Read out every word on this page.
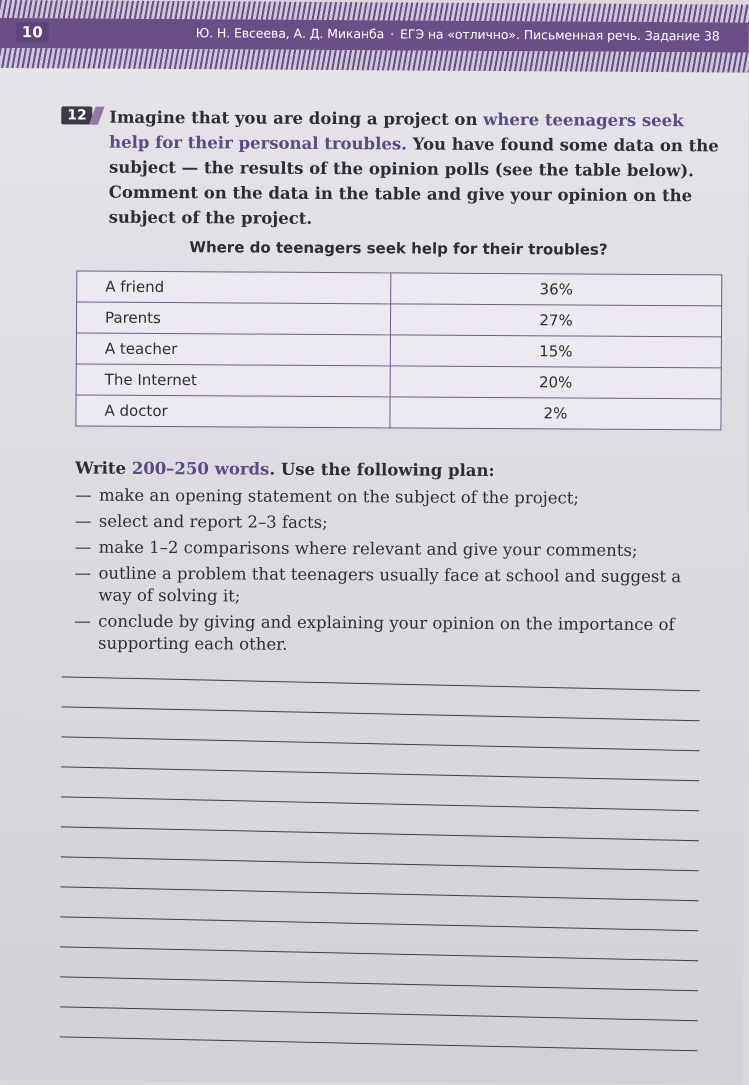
10	Ю. Н. Евсеева, А. Д. Миканба · ЕГЭ на «отлично». Письменная речь. Задание 38
12	Imagine that you are doing a project on where teenagers seek help for their personal troubles. You have found some data on the subject — the results of the opinion polls (see the table below).
Comment on the data in the table and give your opinion on the subject of the project.
Where do teenagers seek help for their troubles?
A friend	36%
Parents	27%
A teacher	15%
The Internet	20%
A doctor	2%
Write 200–250 words. Use the following plan:
— make an opening statement on the subject of the project;
— select and report 2–3 facts;
— make 1–2 comparisons where relevant and give your comments;
— outline a problem that teenagers usually face at school and suggest a way of solving it;
— conclude by giving and explaining your opinion on the importance of supporting each other.
